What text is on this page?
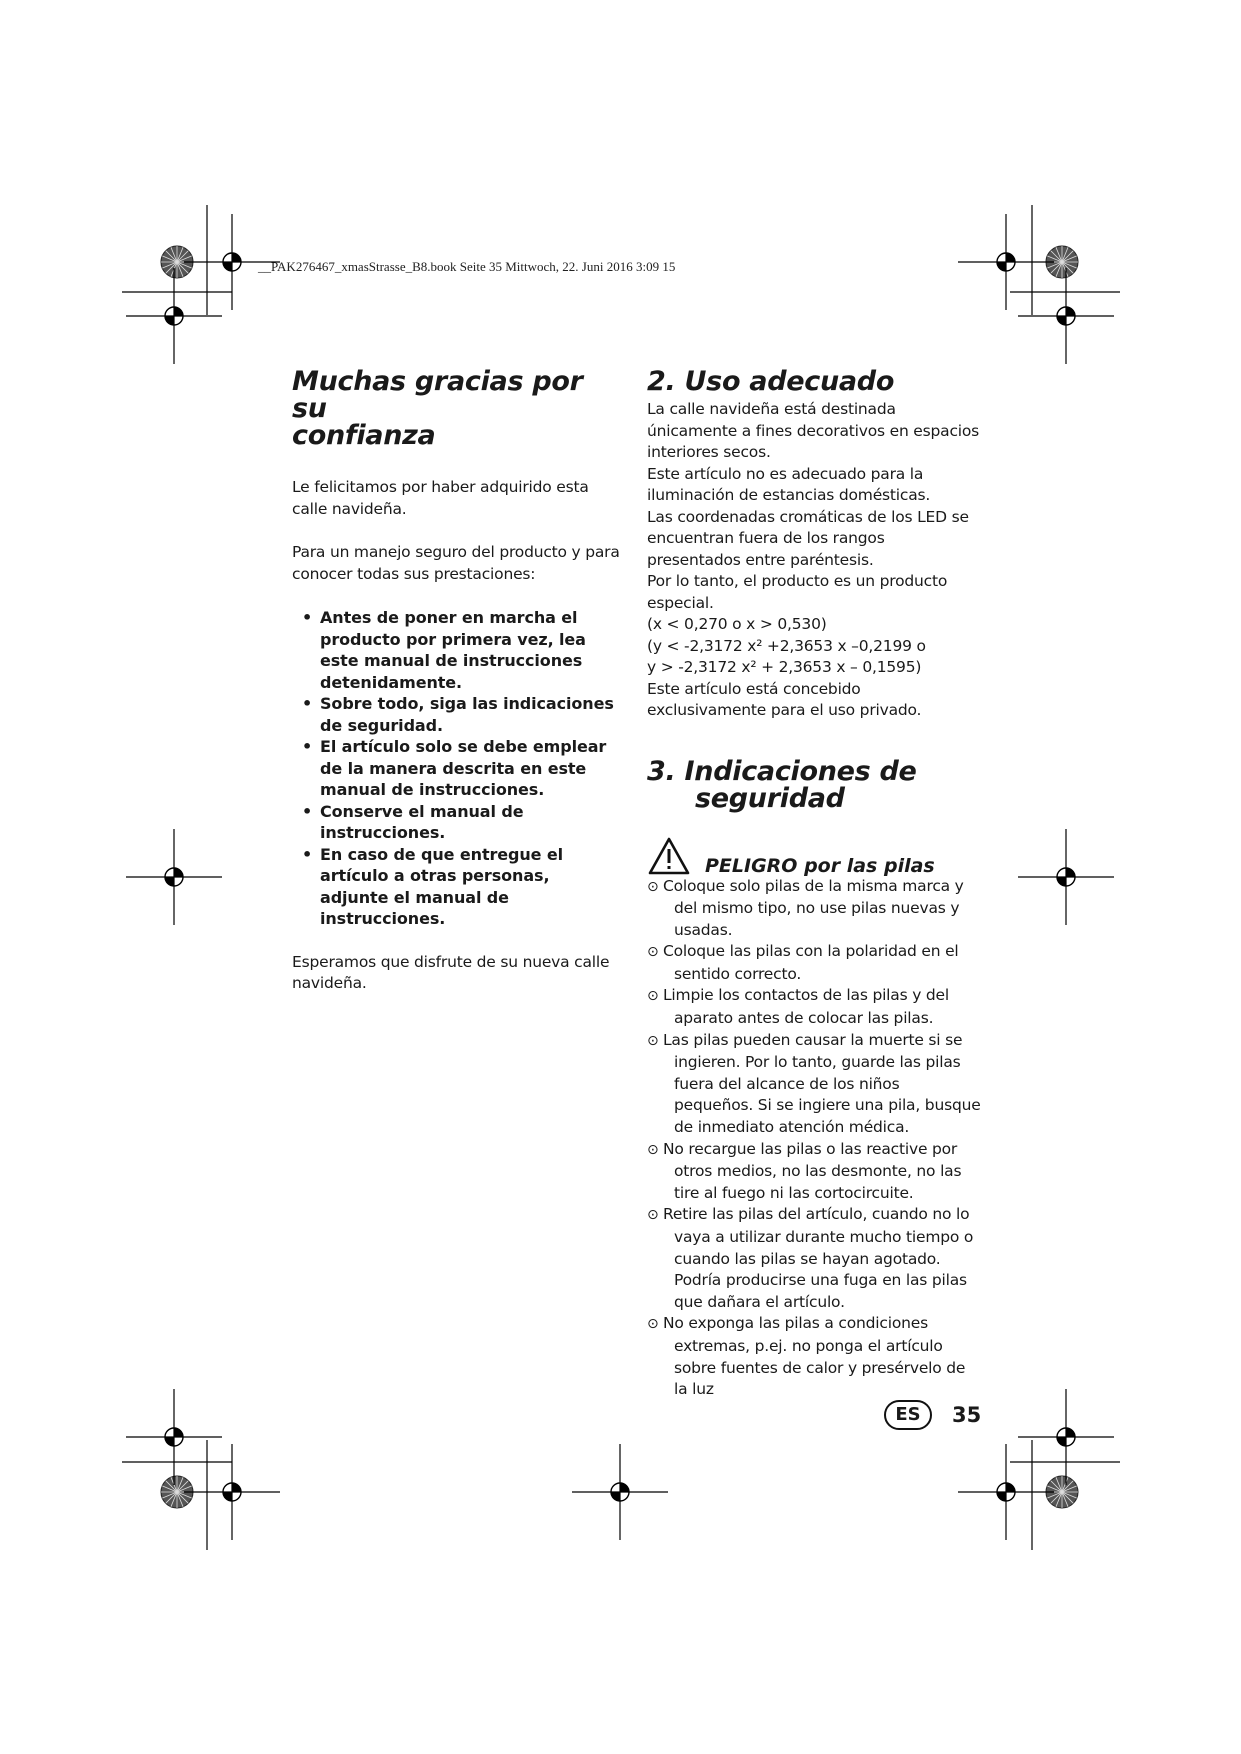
__PAK276467_xmasStrasse_B8.book Seite 35 Mittwoch, 22. Juni 2016 3:09 15
Muchas gracias por su
confianza

Le felicitamos por haber adquirido esta calle navideña.

Para un manejo seguro del producto y para conocer todas sus prestaciones:

• Antes de poner en marcha el producto por primera vez, lea este manual de instrucciones detenidamente.
• Sobre todo, siga las indicaciones de seguridad.
• El artículo solo se debe emplear de la manera descrita en este manual de instrucciones.
• Conserve el manual de instrucciones.
• En caso de que entregue el artículo a otras personas, adjunte el manual de instrucciones.

Esperamos que disfrute de su nueva calle navideña.

2. Uso adecuado

La calle navideña está destinada únicamente a fines decorativos en espacios interiores secos.

Este artículo no es adecuado para la iluminación de estancias domésticas.

Las coordenadas cromáticas de los LED se encuentran fuera de los rangos presentados entre paréntesis.

Por lo tanto, el producto es un producto especial.

(x < 0,270 o x > 0,530)

(y < -2,3172 x² +2,3653 x –0,2199 o

y > -2,3172 x² + 2,3653 x – 0,1595)

Este artículo está concebido exclusivamente para el uso privado.

3. Indicaciones de
seguridad
PELIGRO por las pilas
⊙ Coloque solo pilas de la misma marca y del mismo tipo, no use pilas nuevas y usadas.
⊙ Coloque las pilas con la polaridad en el sentido correcto.
⊙ Limpie los contactos de las pilas y del aparato antes de colocar las pilas.
⊙ Las pilas pueden causar la muerte si se ingieren. Por lo tanto, guarde las pilas fuera del alcance de los niños pequeños. Si se ingiere una pila, busque de inmediato atención médica.
⊙ No recargue las pilas o las reactive por otros medios, no las desmonte, no las tire al fuego ni las cortocircuite.
⊙ Retire las pilas del artículo, cuando no lo vaya a utilizar durante mucho tiempo o cuando las pilas se hayan agotado. Podría producirse una fuga en las pilas que dañara el artículo.
⊙ No exponga las pilas a condiciones extremas, p.ej. no ponga el artículo sobre fuentes de calor y presérvelo de la luz
ES	35
